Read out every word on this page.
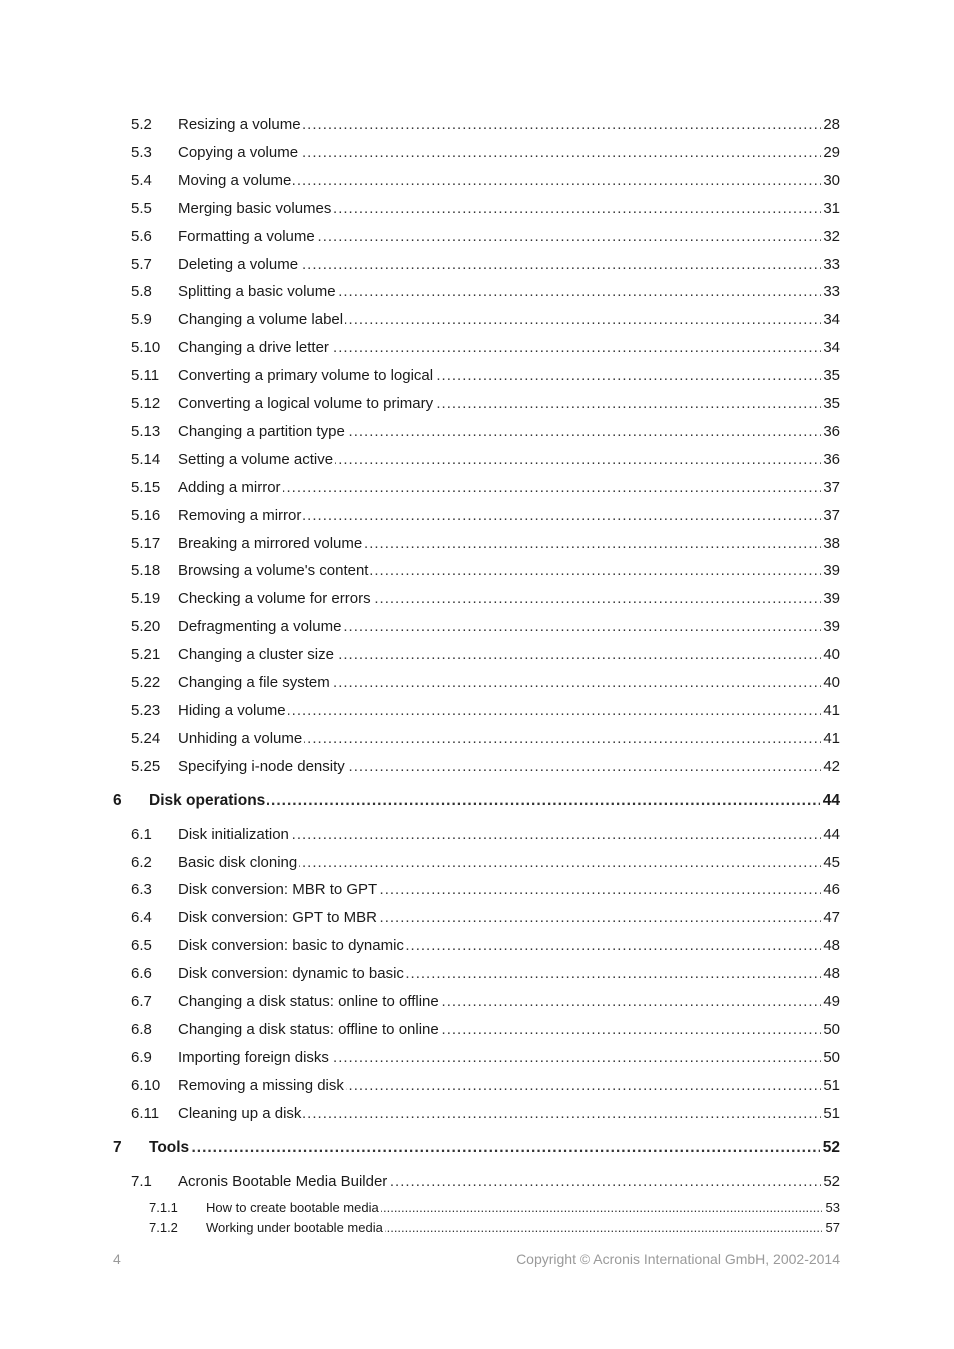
5.2 Resizing a volume .....	28
5.3 Copying a volume .....	29
5.4 Moving a volume .....	30
5.5 Merging basic volumes .....	31
5.6 Formatting a volume .....	32
5.7 Deleting a volume .....	33
5.8 Splitting a basic volume .....	33
5.9 Changing a volume label .....	34
5.10 Changing a drive letter .....	34
5.11 Converting a primary volume to logical .....	35
5.12 Converting a logical volume to primary .....	35
5.13 Changing a partition type .....	36
5.14 Setting a volume active .....	36
5.15 Adding a mirror .....	37
5.16 Removing a mirror .....	37
5.17 Breaking a mirrored volume .....	38
5.18 Browsing a volume's content .....	39
5.19 Checking a volume for errors .....	39
5.20 Defragmenting a volume .....	39
5.21 Changing a cluster size .....	40
5.22 Changing a file system .....	40
5.23 Hiding a volume .....	41
5.24 Unhiding a volume .....	41
5.25 Specifying i-node density .....	42
6 Disk operations .....	44
6.1 Disk initialization .....	44
6.2 Basic disk cloning .....	45
6.3 Disk conversion: MBR to GPT .....	46
6.4 Disk conversion: GPT to MBR .....	47
6.5 Disk conversion: basic to dynamic .....	48
6.6 Disk conversion: dynamic to basic .....	48
6.7 Changing a disk status: online to offline .....	49
6.8 Changing a disk status: offline to online .....	50
6.9 Importing foreign disks .....	50
6.10 Removing a missing disk .....	51
6.11 Cleaning up a disk .....	51
7 Tools .....	52
7.1 Acronis Bootable Media Builder .....	52
7.1.1 How to create bootable media .....	53
7.1.2 Working under bootable media .....	57
4	Copyright © Acronis International GmbH, 2002-2014
